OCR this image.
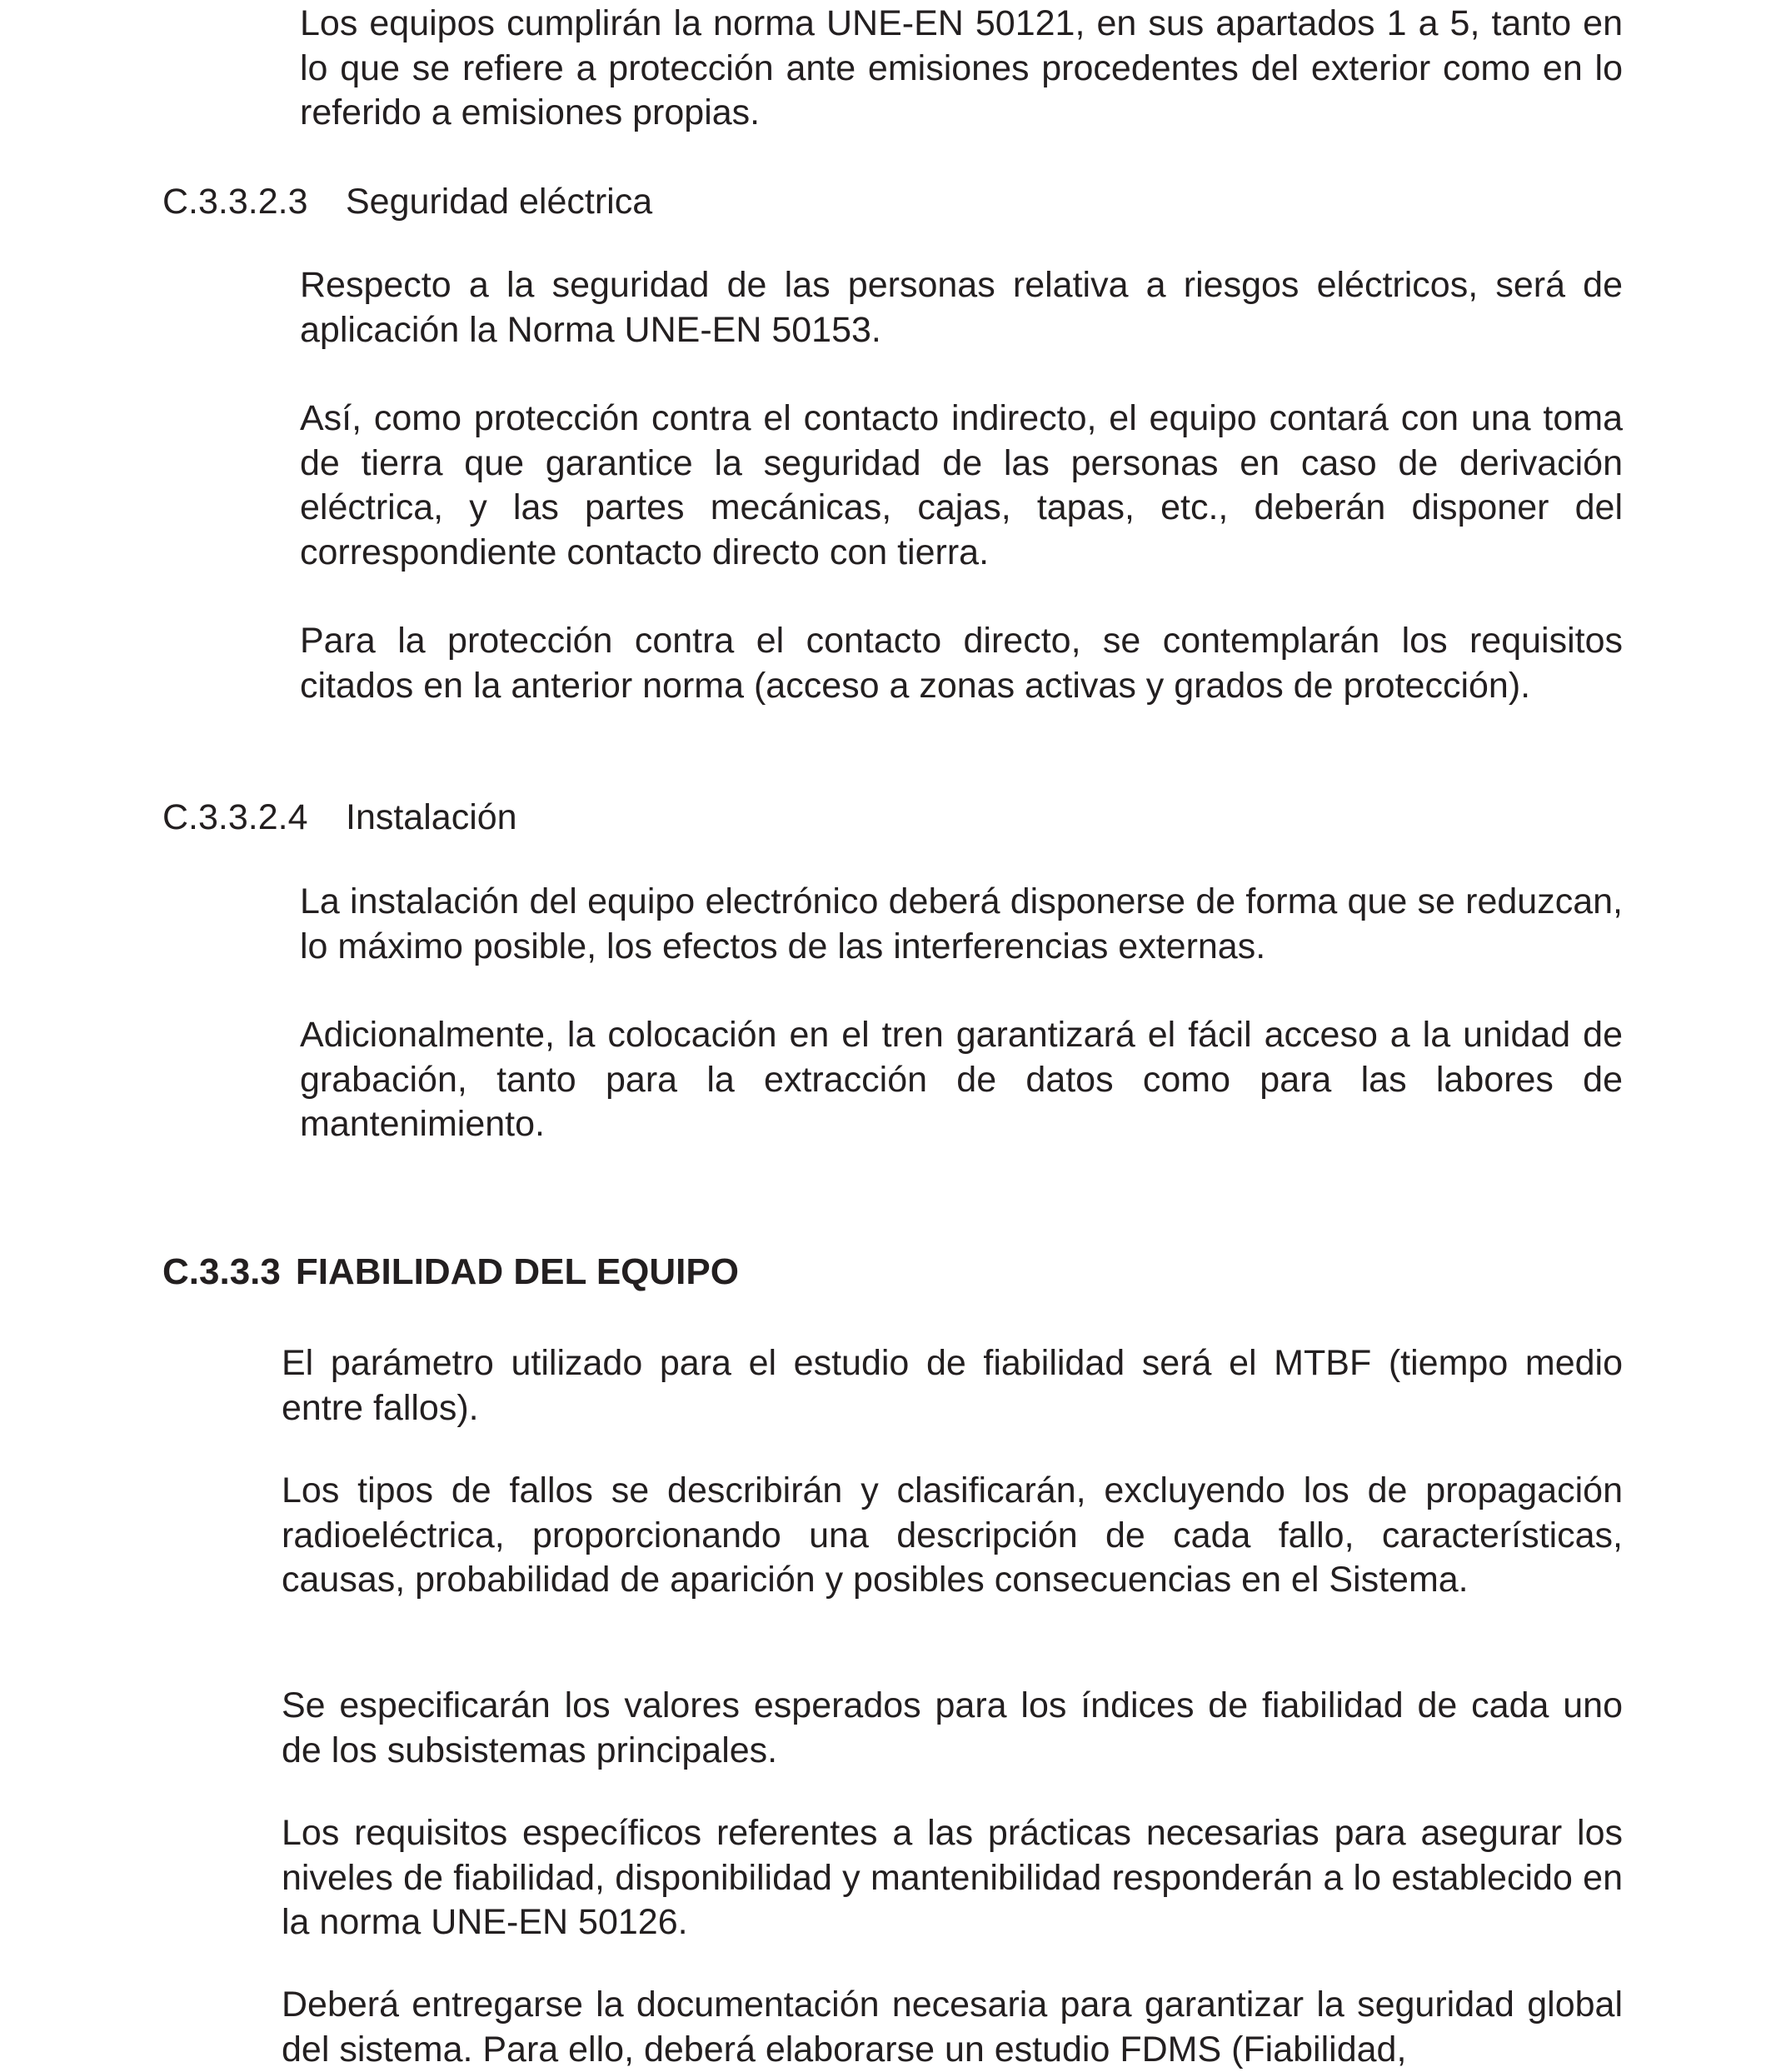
Los equipos cumplirán la norma UNE-EN 50121, en sus apartados 1 a 5, tanto en lo que se refiere a protección ante emisiones procedentes del exterior como en lo referido a emisiones propias.

C.3.3.2.3 Seguridad eléctrica

Respecto a la seguridad de las personas relativa a riesgos eléctricos, será de aplicación la Norma UNE-EN 50153.

Así, como protección contra el contacto indirecto, el equipo contará con una toma de tierra que garantice la seguridad de las personas en caso de derivación eléctrica, y las partes mecánicas, cajas, tapas, etc., deberán disponer del correspondiente contacto directo con tierra.

Para la protección contra el contacto directo, se contemplarán los requisitos citados en la anterior norma (acceso a zonas activas y grados de protección).

C.3.3.2.4 Instalación

La instalación del equipo electrónico deberá disponerse de forma que se reduzcan, lo máximo posible, los efectos de las interferencias externas.

Adicionalmente, la colocación en el tren garantizará el fácil acceso a la unidad de grabación, tanto para la extracción de datos como para las labores de mantenimiento.

C.3.3.3 FIABILIDAD DEL EQUIPO

El parámetro utilizado para el estudio de fiabilidad será el MTBF (tiempo medio entre fallos).

Los tipos de fallos se describirán y clasificarán, excluyendo los de propagación radioeléctrica, proporcionando una descripción de cada fallo, características, causas, probabilidad de aparición y posibles consecuencias en el Sistema.

Se especificarán los valores esperados para los índices de fiabilidad de cada uno de los subsistemas principales.

Los requisitos específicos referentes a las prácticas necesarias para asegurar los niveles de fiabilidad, disponibilidad y mantenibilidad responderán a lo establecido en la norma UNE-EN 50126.

Deberá entregarse la documentación necesaria para garantizar la seguridad global del sistema. Para ello, deberá elaborarse un estudio FDMS (Fiabilidad,
